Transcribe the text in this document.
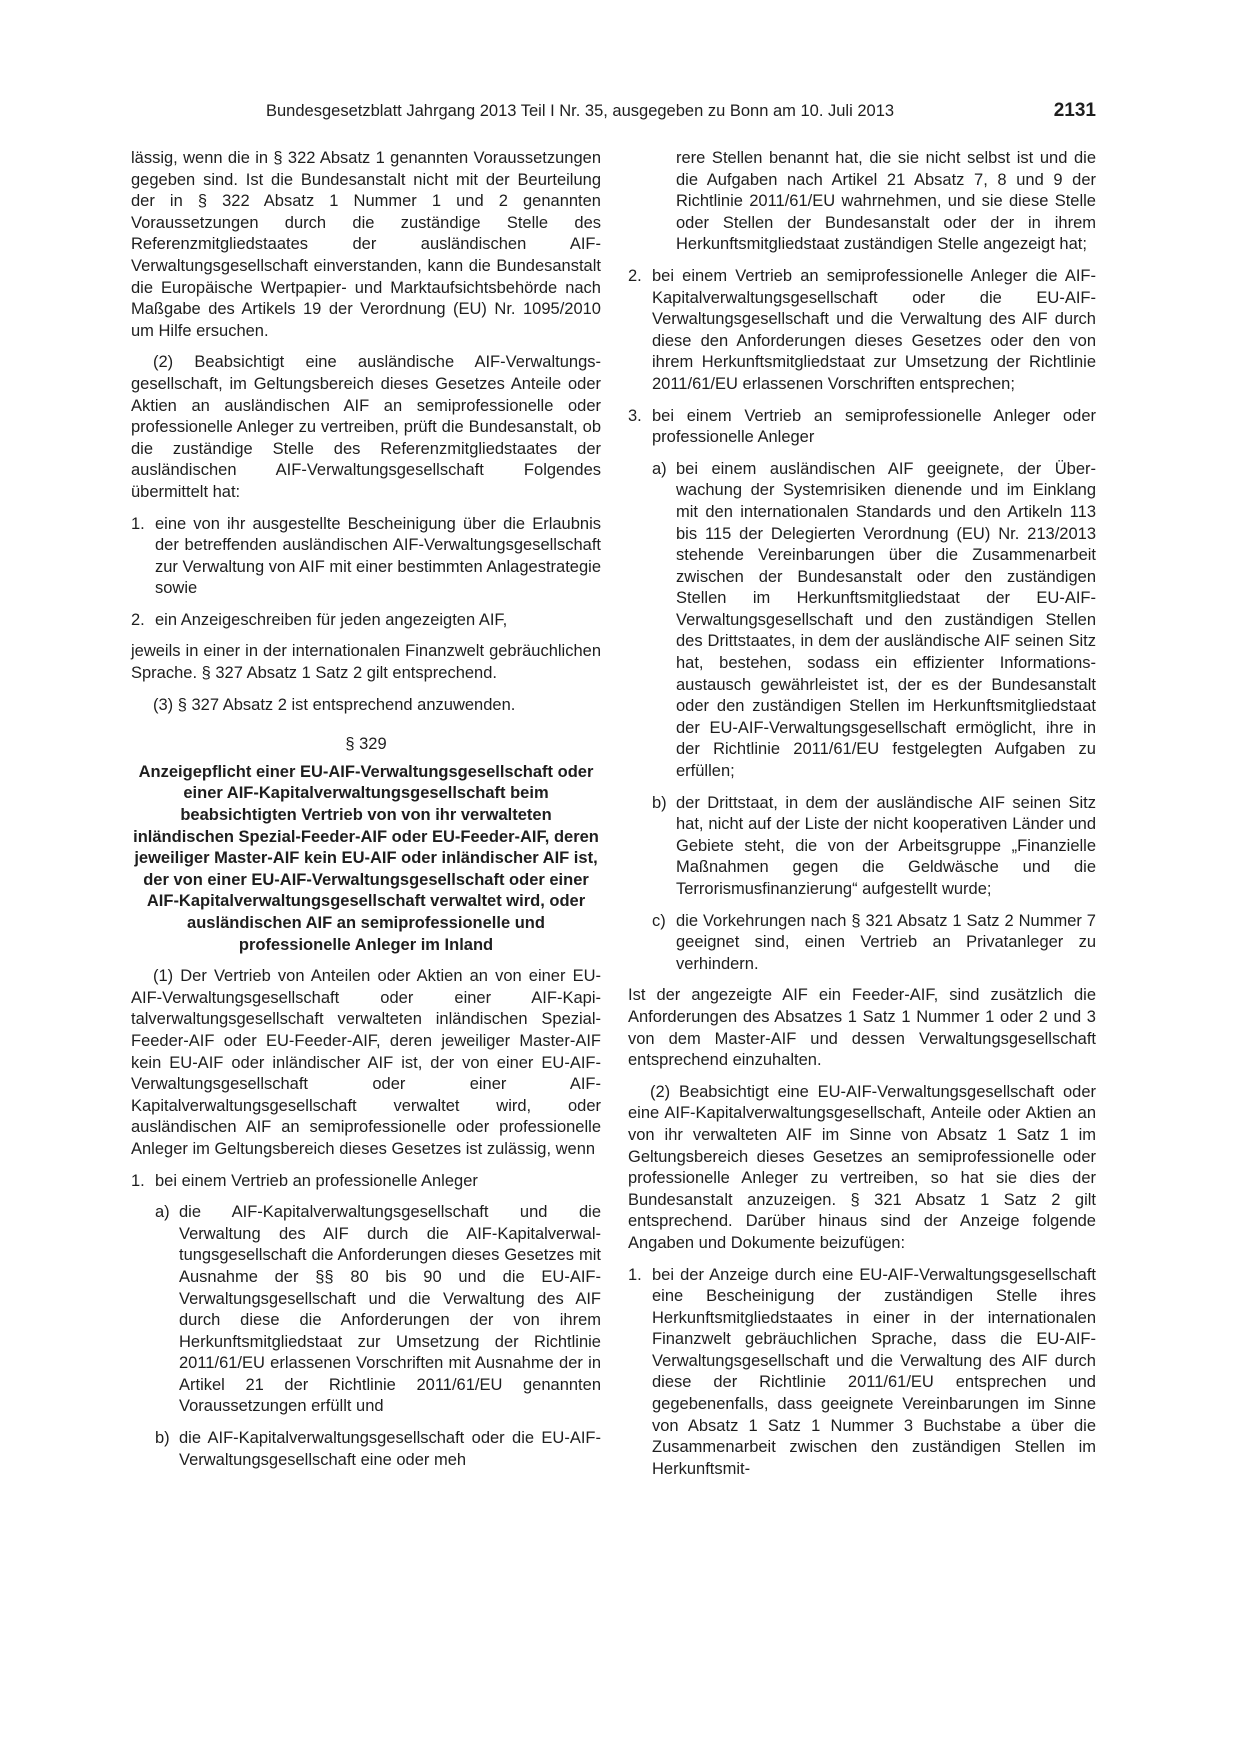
Bundesgesetzblatt Jahrgang 2013 Teil I Nr. 35, ausgegeben zu Bonn am 10. Juli 2013	2131

lässig, wenn die in § 322 Absatz 1 genannten Voraussetzungen gegeben sind. Ist die Bundesanstalt nicht mit der Beurteilung der in § 322 Absatz 1 Nummer 1 und 2 genannten Voraussetzungen durch die zuständige Stelle des Referenzmitgliedstaates der ausländischen AIF-Verwaltungsgesellschaft einverstanden, kann die Bundesanstalt die Europäische Wertpapier- und Marktaufsichtsbehörde nach Maßgabe des Artikels 19 der Verordnung (EU) Nr. 1095/2010 um Hilfe ersuchen.

(2) Beabsichtigt eine ausländische AIF-Verwaltungsgesellschaft, im Geltungsbereich dieses Gesetzes Anteile oder Aktien an ausländischen AIF an semiprofessionelle oder professionelle Anleger zu vertreiben, prüft die Bundesanstalt, ob die zuständige Stelle des Referenzmitgliedstaates der ausländischen AIF-Verwaltungsgesellschaft Folgendes übermittelt hat:

1. eine von ihr ausgestellte Bescheinigung über die Erlaubnis der betreffenden ausländischen AIF-Verwaltungsgesellschaft zur Verwaltung von AIF mit einer bestimmten Anlagestrategie sowie
2. ein Anzeigeschreiben für jeden angezeigten AIF,

jeweils in einer in der internationalen Finanzwelt gebräuchlichen Sprache. § 327 Absatz 1 Satz 2 gilt entsprechend.

(3) § 327 Absatz 2 ist entsprechend anzuwenden.

§ 329
Anzeigepflicht einer EU-AIF-Verwaltungsgesellschaft oder einer AIF-Kapitalverwaltungsgesellschaft beim beabsichtigten Vertrieb von von ihr verwalteten inländischen Spezial-Feeder-AIF oder EU-Feeder-AIF, deren jeweiliger Master-AIF kein EU-AIF oder inländischer AIF ist, der von einer EU-AIF-Verwaltungsgesellschaft oder einer AIF-Kapitalverwaltungsgesellschaft verwaltet wird, oder ausländischen AIF an semiprofessionelle und professionelle Anleger im Inland

(1) Der Vertrieb von Anteilen oder Aktien an von einer EU-AIF-Verwaltungsgesellschaft oder einer AIF-Kapitalverwaltungsgesellschaft verwalteten inländischen Spezial-Feeder-AIF oder EU-Feeder-AIF, deren jeweiliger Master-AIF kein EU-AIF oder inländischer AIF ist, der von einer EU-AIF-Verwaltungsgesellschaft oder einer AIF-Kapitalverwaltungsgesellschaft verwaltet wird, oder ausländischen AIF an semiprofessionelle oder professionelle Anleger im Geltungsbereich dieses Gesetzes ist zulässig, wenn

1. bei einem Vertrieb an professionelle Anleger
a) die AIF-Kapitalverwaltungsgesellschaft und die Verwaltung des AIF durch die AIF-Kapitalverwaltungsgesellschaft die Anforderungen dieses Gesetzes mit Ausnahme der §§ 80 bis 90 und die EU-AIF-Verwaltungsgesellschaft und die Verwaltung des AIF durch diese die Anforderungen der von ihrem Herkunftsmitgliedstaat zur Umsetzung der Richtlinie 2011/61/EU erlassenen Vorschriften mit Ausnahme der in Artikel 21 der Richtlinie 2011/61/EU genannten Voraussetzungen erfüllt und
b) die AIF-Kapitalverwaltungsgesellschaft oder die EU-AIF-Verwaltungsgesellschaft eine oder meh
rere Stellen benannt hat, die sie nicht selbst ist und die die Aufgaben nach Artikel 21 Absatz 7, 8 und 9 der Richtlinie 2011/61/EU wahrnehmen, und sie diese Stelle oder Stellen der Bundesanstalt oder der in ihrem Herkunftsmitgliedstaat zuständigen Stelle angezeigt hat;
2. bei einem Vertrieb an semiprofessionelle Anleger die AIF-Kapitalverwaltungsgesellschaft oder die EU-AIF-Verwaltungsgesellschaft und die Verwaltung des AIF durch diese den Anforderungen dieses Gesetzes oder den von ihrem Herkunftsmitgliedstaat zur Umsetzung der Richtlinie 2011/61/EU erlassenen Vorschriften entsprechen;
3. bei einem Vertrieb an semiprofessionelle Anleger oder professionelle Anleger
a) bei einem ausländischen AIF geeignete, der Überwachung der Systemrisiken dienende und im Einklang mit den internationalen Standards und den Artikeln 113 bis 115 der Delegierten Verordnung (EU) Nr. 213/2013 stehende Vereinbarungen über die Zusammenarbeit zwischen der Bundesanstalt oder den zuständigen Stellen im Herkunftsmitgliedstaat der EU-AIF-Verwaltungsgesellschaft und den zuständigen Stellen des Drittstaates, in dem der ausländische AIF seinen Sitz hat, bestehen, sodass ein effizienter Informationsaustausch gewährleistet ist, der es der Bundesanstalt oder den zuständigen Stellen im Herkunftsmitgliedstaat der EU-AIF-Verwaltungsgesellschaft ermöglicht, ihre in der Richtlinie 2011/61/EU festgelegten Aufgaben zu erfüllen;
b) der Drittstaat, in dem der ausländische AIF seinen Sitz hat, nicht auf der Liste der nicht kooperativen Länder und Gebiete steht, die von der Arbeitsgruppe „Finanzielle Maßnahmen gegen die Geldwäsche und die Terrorismusfinanzierung“ aufgestellt wurde;
c) die Vorkehrungen nach § 321 Absatz 1 Satz 2 Nummer 7 geeignet sind, einen Vertrieb an Privatanleger zu verhindern.

Ist der angezeigte AIF ein Feeder-AIF, sind zusätzlich die Anforderungen des Absatzes 1 Satz 1 Nummer 1 oder 2 und 3 von dem Master-AIF und dessen Verwaltungsgesellschaft entsprechend einzuhalten.

(2) Beabsichtigt eine EU-AIF-Verwaltungsgesellschaft oder eine AIF-Kapitalverwaltungsgesellschaft, Anteile oder Aktien an von ihr verwalteten AIF im Sinne von Absatz 1 Satz 1 im Geltungsbereich dieses Gesetzes an semiprofessionelle oder professionelle Anleger zu vertreiben, so hat sie dies der Bundesanstalt anzuzeigen. § 321 Absatz 1 Satz 2 gilt entsprechend. Darüber hinaus sind der Anzeige folgende Angaben und Dokumente beizufügen:

1. bei der Anzeige durch eine EU-AIF-Verwaltungsgesellschaft eine Bescheinigung der zuständigen Stelle ihres Herkunftsmitgliedstaates in einer in der internationalen Finanzwelt gebräuchlichen Sprache, dass die EU-AIF-Verwaltungsgesellschaft und die Verwaltung des AIF durch diese der Richtlinie 2011/61/EU entsprechen und gegebenenfalls, dass geeignete Vereinbarungen im Sinne von Absatz 1 Satz 1 Nummer 3 Buchstabe a über die Zusammenarbeit zwischen den zuständigen Stellen im Herkunftsmit-
